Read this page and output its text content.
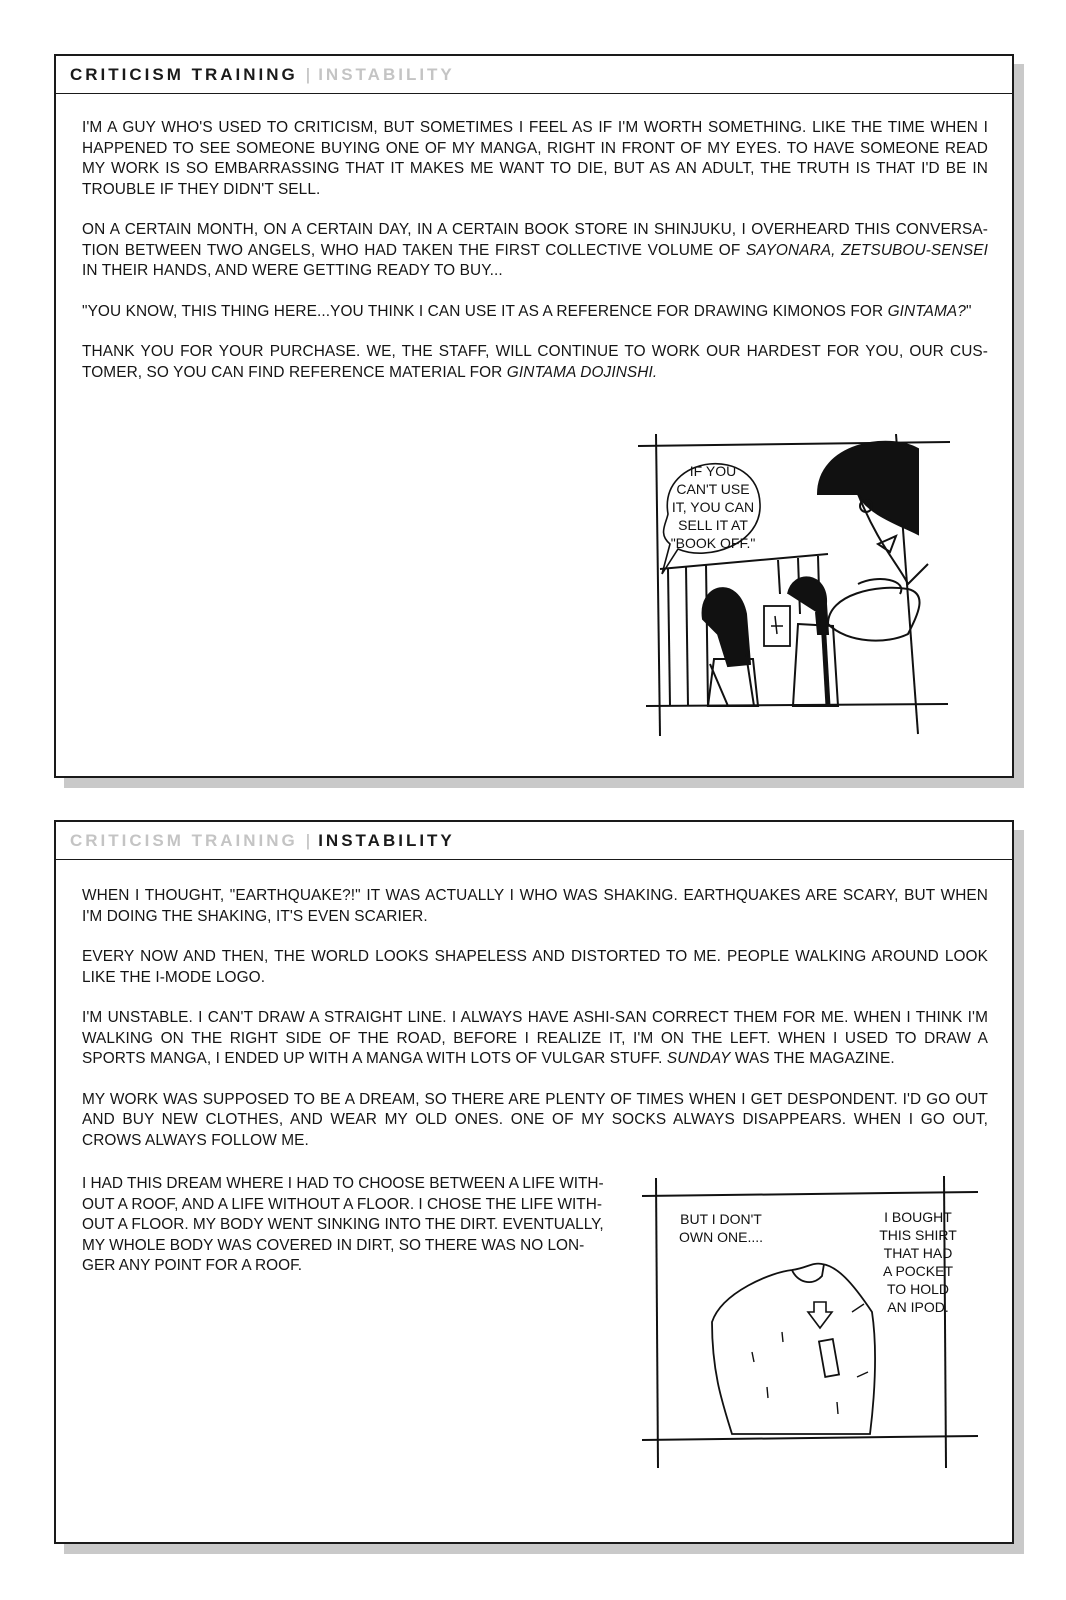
CRITICISM TRAINING | INSTABILITY

I'M A GUY WHO'S USED TO CRITICISM, BUT SOMETIMES I FEEL AS IF I'M WORTH SOMETHING. LIKE THE TIME WHEN I HAPPENED TO SEE SOMEONE BUYING ONE OF MY MANGA, RIGHT IN FRONT OF MY EYES. TO HAVE SOMEONE READ MY WORK IS SO EMBARRASSING THAT IT MAKES ME WANT TO DIE, BUT AS AN ADULT, THE TRUTH IS THAT I'D BE IN TROUBLE IF THEY DIDN'T SELL.

ON A CERTAIN MONTH, ON A CERTAIN DAY, IN A CERTAIN BOOK STORE IN SHINJUKU, I OVERHEARD THIS CONVERSA-TION BETWEEN TWO ANGELS, WHO HAD TAKEN THE FIRST COLLECTIVE VOLUME OF SAYONARA, ZETSUBOU-SENSEI IN THEIR HANDS, AND WERE GETTING READY TO BUY...

"YOU KNOW, THIS THING HERE...YOU THINK I CAN USE IT AS A REFERENCE FOR DRAWING KIMONOS FOR GINTAMA?"

THANK YOU FOR YOUR PURCHASE. WE, THE STAFF, WILL CONTINUE TO WORK OUR HARDEST FOR YOU, OUR CUS-TOMER, SO YOU CAN FIND REFERENCE MATERIAL FOR GINTAMA DOJINSHI.

IF YOU CAN'T USE IT, YOU CAN SELL IT AT "BOOK OFF."
CRITICISM TRAINING | INSTABILITY

WHEN I THOUGHT, "EARTHQUAKE?!" IT WAS ACTUALLY I WHO WAS SHAKING. EARTHQUAKES ARE SCARY, BUT WHEN I'M DOING THE SHAKING, IT'S EVEN SCARIER.

EVERY NOW AND THEN, THE WORLD LOOKS SHAPELESS AND DISTORTED TO ME. PEOPLE WALKING AROUND LOOK LIKE THE I-MODE LOGO.

I'M UNSTABLE. I CAN'T DRAW A STRAIGHT LINE. I ALWAYS HAVE ASHI-SAN CORRECT THEM FOR ME. WHEN I THINK I'M WALKING ON THE RIGHT SIDE OF THE ROAD, BEFORE I REALIZE IT, I'M ON THE LEFT. WHEN I USED TO DRAW A SPORTS MANGA, I ENDED UP WITH A MANGA WITH LOTS OF VULGAR STUFF. SUNDAY WAS THE MAGAZINE.

MY WORK WAS SUPPOSED TO BE A DREAM, SO THERE ARE PLENTY OF TIMES WHEN I GET DESPONDENT. I'D GO OUT AND BUY NEW CLOTHES, AND WEAR MY OLD ONES. ONE OF MY SOCKS ALWAYS DISAPPEARS. WHEN I GO OUT, CROWS ALWAYS FOLLOW ME.

I HAD THIS DREAM WHERE I HAD TO CHOOSE BETWEEN A LIFE WITH-OUT A ROOF, AND A LIFE WITHOUT A FLOOR. I CHOSE THE LIFE WITH-OUT A FLOOR. MY BODY WENT SINKING INTO THE DIRT. EVENTUALLY, MY WHOLE BODY WAS COVERED IN DIRT, SO THERE WAS NO LON-GER ANY POINT FOR A ROOF.

BUT I DON'T OWN ONE....
I BOUGHT THIS SHIRT THAT HAD A POCKET TO HOLD AN IPOD.
